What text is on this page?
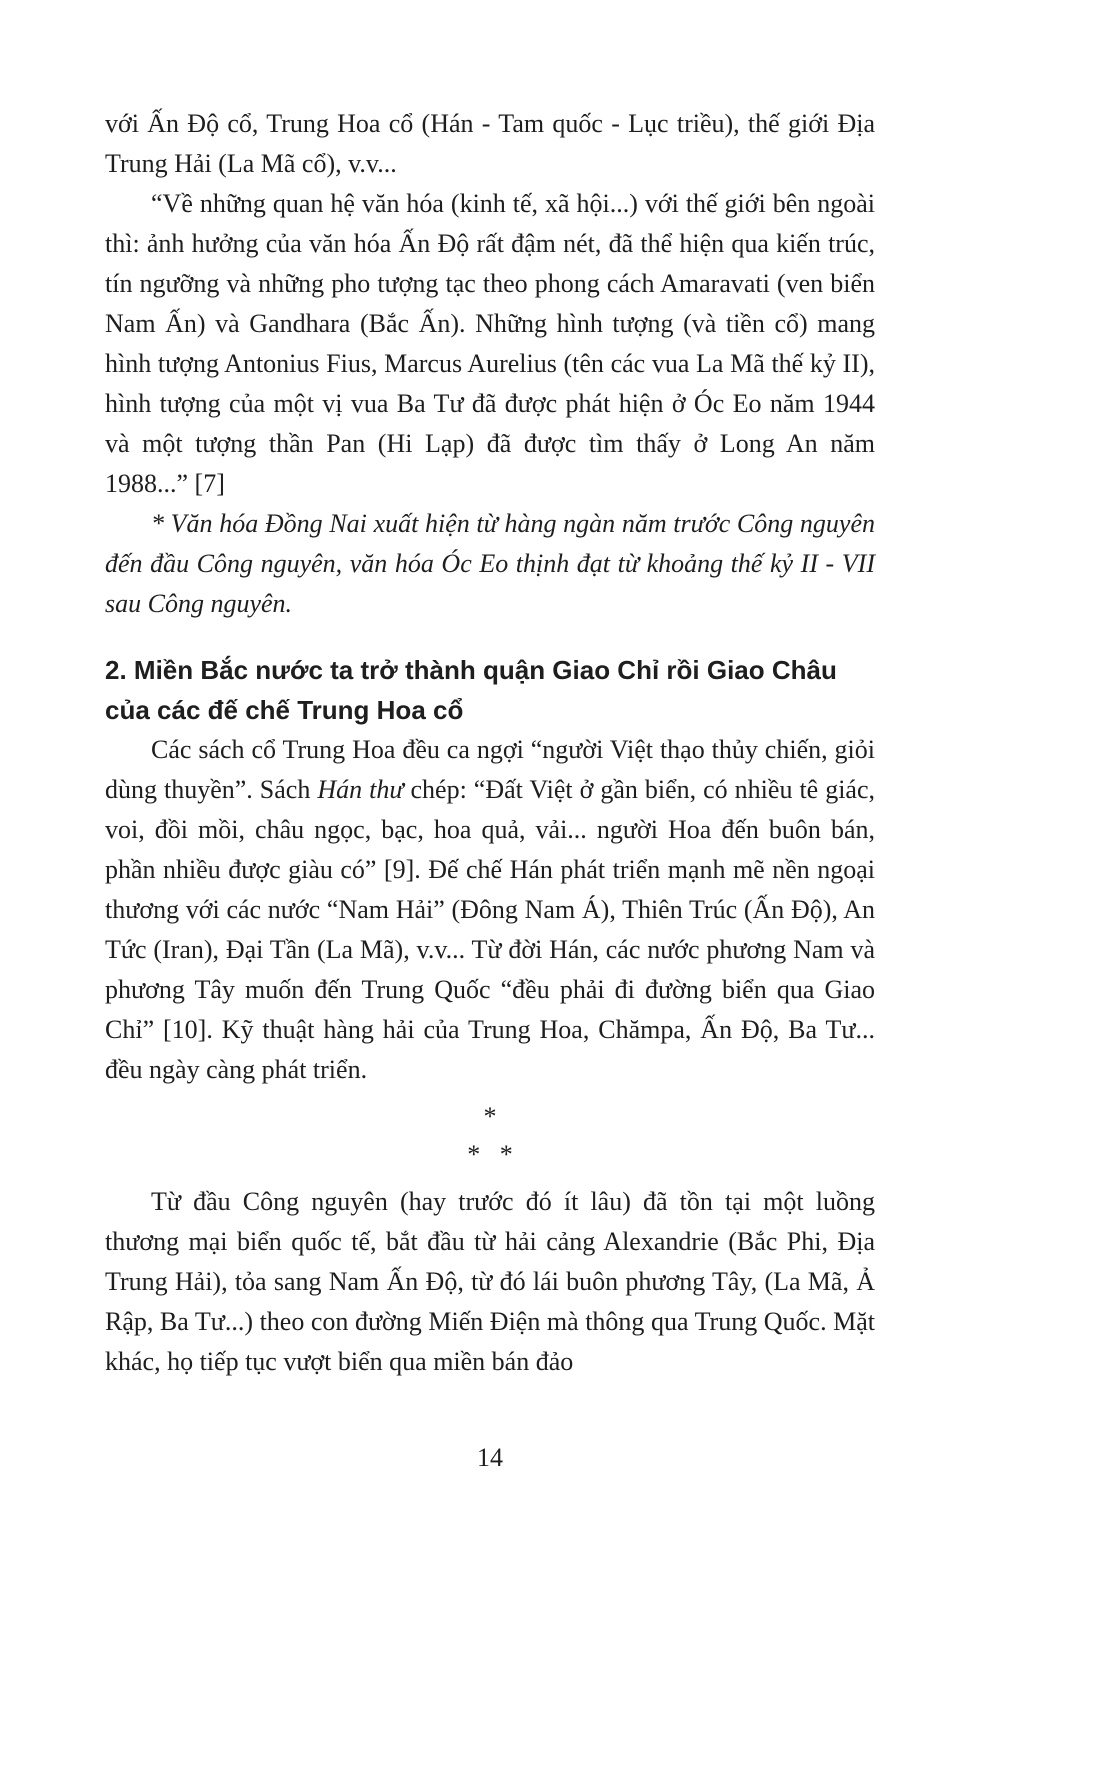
với Ấn Độ cổ, Trung Hoa cổ (Hán - Tam quốc - Lục triều), thế giới Địa Trung Hải (La Mã cổ), v.v...

“Về những quan hệ văn hóa (kinh tế, xã hội...) với thế giới bên ngoài thì: ảnh hưởng của văn hóa Ấn Độ rất đậm nét, đã thể hiện qua kiến trúc, tín ngưỡng và những pho tượng tạc theo phong cách Amaravati (ven biển Nam Ấn) và Gandhara (Bắc Ấn). Những hình tượng (và tiền cổ) mang hình tượng Antonius Fius, Marcus Aurelius (tên các vua La Mã thế kỷ II), hình tượng của một vị vua Ba Tư đã được phát hiện ở Óc Eo năm 1944 và một tượng thần Pan (Hi Lạp) đã được tìm thấy ở Long An năm 1988...” [7]

* Văn hóa Đồng Nai xuất hiện từ hàng ngàn năm trước Công nguyên đến đầu Công nguyên, văn hóa Óc Eo thịnh đạt từ khoảng thế kỷ II - VII sau Công nguyên.

2. Miền Bắc nước ta trở thành quận Giao Chỉ rồi Giao Châu của các đế chế Trung Hoa cổ

Các sách cổ Trung Hoa đều ca ngợi “người Việt thạo thủy chiến, giỏi dùng thuyền”. Sách Hán thư chép: “Đất Việt ở gần biển, có nhiều tê giác, voi, đồi mồi, châu ngọc, bạc, hoa quả, vải... người Hoa đến buôn bán, phần nhiều được giàu có” [9]. Đế chế Hán phát triển mạnh mẽ nền ngoại thương với các nước “Nam Hải” (Đông Nam Á), Thiên Trúc (Ấn Độ), An Tức (Iran), Đại Tần (La Mã), v.v... Từ đời Hán, các nước phương Nam và phương Tây muốn đến Trung Quốc “đều phải đi đường biển qua Giao Chỉ” [10]. Kỹ thuật hàng hải của Trung Hoa, Chămpa, Ấn Độ, Ba Tư... đều ngày càng phát triển.

*
*   *

Từ đầu Công nguyên (hay trước đó ít lâu) đã tồn tại một luồng thương mại biển quốc tế, bắt đầu từ hải cảng Alexandrie (Bắc Phi, Địa Trung Hải), tỏa sang Nam Ấn Độ, từ đó lái buôn phương Tây, (La Mã, Ả Rập, Ba Tư...) theo con đường Miến Điện mà thông qua Trung Quốc. Mặt khác, họ tiếp tục vượt biển qua miền bán đảo

14
